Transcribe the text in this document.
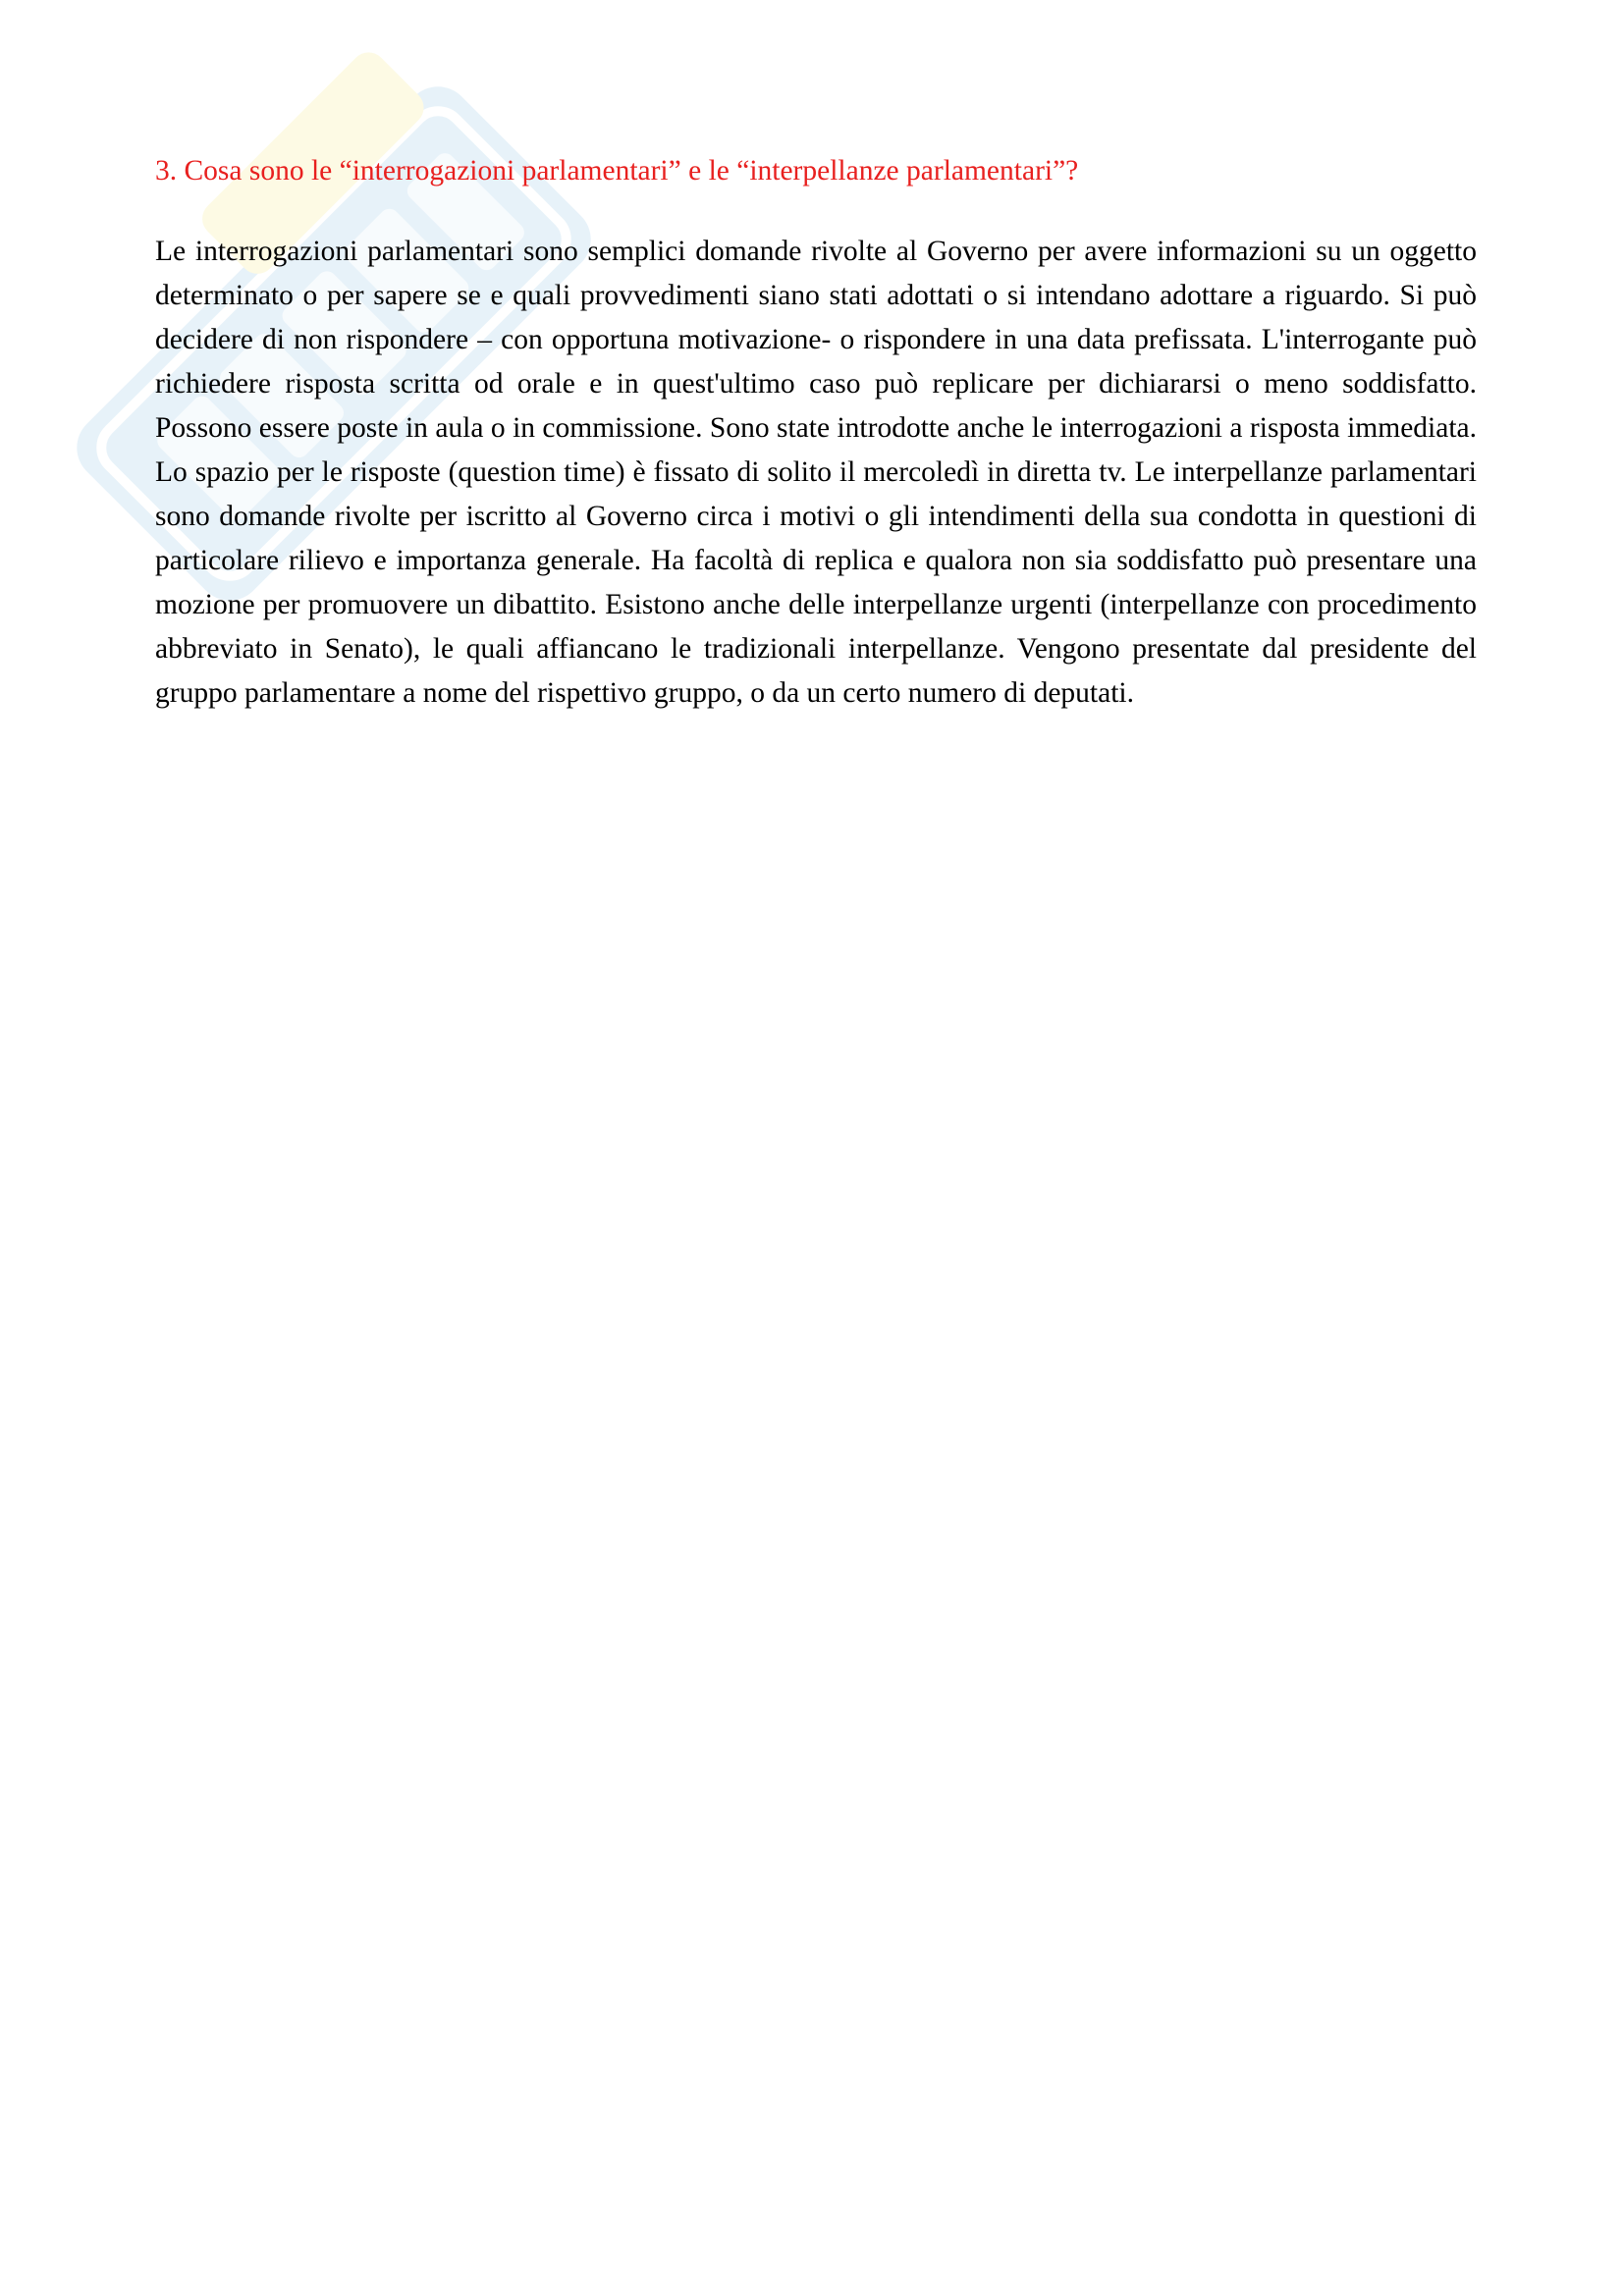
3. Cosa sono le “interrogazioni parlamentari” e le “interpellanze parlamentari”?

Le interrogazioni parlamentari sono semplici domande rivolte al Governo per avere informazioni su un oggetto determinato o per sapere se e quali provvedimenti siano stati adottati o si intendano adottare a riguardo. Si può decidere di non rispondere – con opportuna motivazione- o rispondere in una data prefissata. L'interrogante può richiedere risposta scritta od orale e in quest'ultimo caso può replicare per dichiararsi o meno soddisfatto. Possono essere poste in aula o in commissione. Sono state introdotte anche le interrogazioni a risposta immediata. Lo spazio per le risposte (question time) è fissato di solito il mercoledì in diretta tv. Le interpellanze parlamentari sono domande rivolte per iscritto al Governo circa i motivi o gli intendimenti della sua condotta in questioni di particolare rilievo e importanza generale. Ha facoltà di replica e qualora non sia soddisfatto può presentare una mozione per promuovere un dibattito. Esistono anche delle interpellanze urgenti (interpellanze con procedimento abbreviato in Senato), le quali affiancano le tradizionali interpellanze. Vengono presentate dal presidente del gruppo parlamentare a nome del rispettivo gruppo, o da un certo numero di deputati.
